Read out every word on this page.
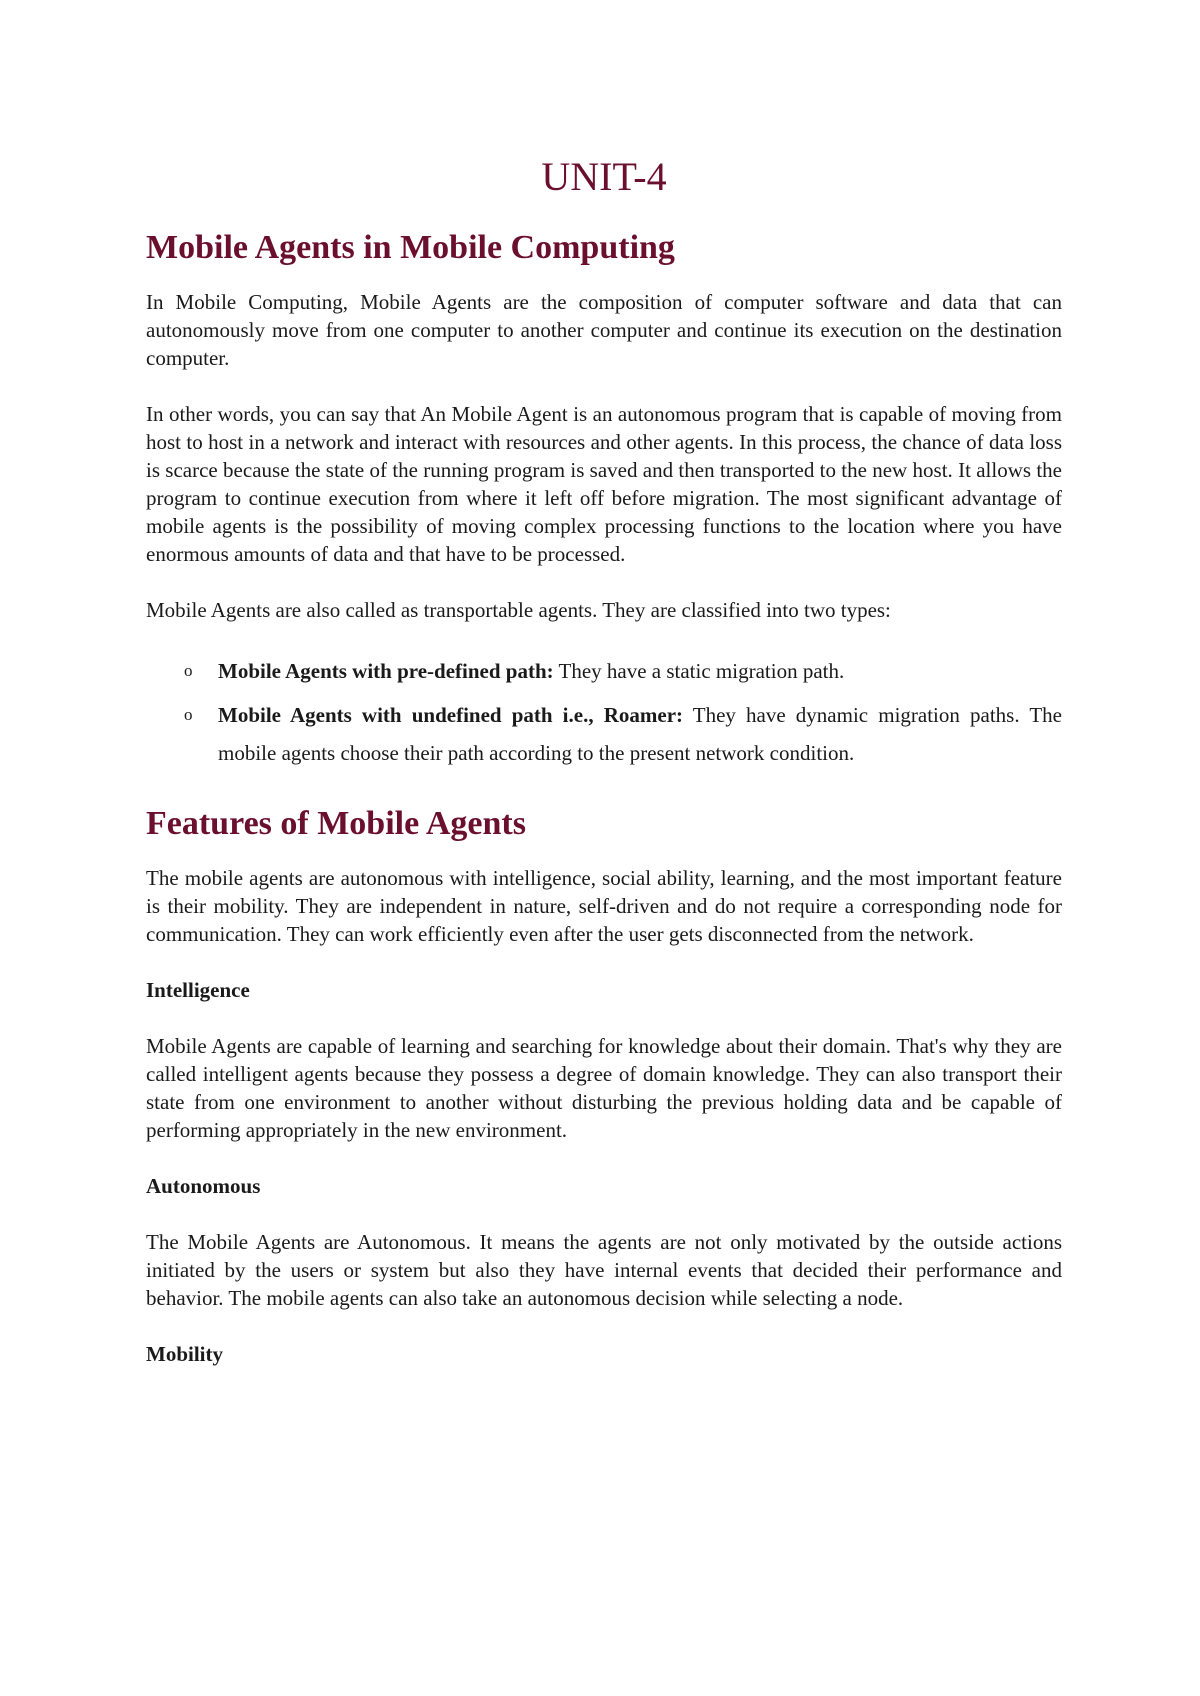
UNIT-4
Mobile Agents in Mobile Computing

In Mobile Computing, Mobile Agents are the composition of computer software and data that can autonomously move from one computer to another computer and continue its execution on the destination computer.

In other words, you can say that An Mobile Agent is an autonomous program that is capable of moving from host to host in a network and interact with resources and other agents. In this process, the chance of data loss is scarce because the state of the running program is saved and then transported to the new host. It allows the program to continue execution from where it left off before migration. The most significant advantage of mobile agents is the possibility of moving complex processing functions to the location where you have enormous amounts of data and that have to be processed.

Mobile Agents are also called as transportable agents. They are classified into two types:

o Mobile Agents with pre-defined path: They have a static migration path.
o Mobile Agents with undefined path i.e., Roamer: They have dynamic migration paths. The mobile agents choose their path according to the present network condition.
Features of Mobile Agents

The mobile agents are autonomous with intelligence, social ability, learning, and the most important feature is their mobility. They are independent in nature, self-driven and do not require a corresponding node for communication. They can work efficiently even after the user gets disconnected from the network.

Intelligence

Mobile Agents are capable of learning and searching for knowledge about their domain. That's why they are called intelligent agents because they possess a degree of domain knowledge. They can also transport their state from one environment to another without disturbing the previous holding data and be capable of performing appropriately in the new environment.

Autonomous

The Mobile Agents are Autonomous. It means the agents are not only motivated by the outside actions initiated by the users or system but also they have internal events that decided their performance and behavior. The mobile agents can also take an autonomous decision while selecting a node.

Mobility
